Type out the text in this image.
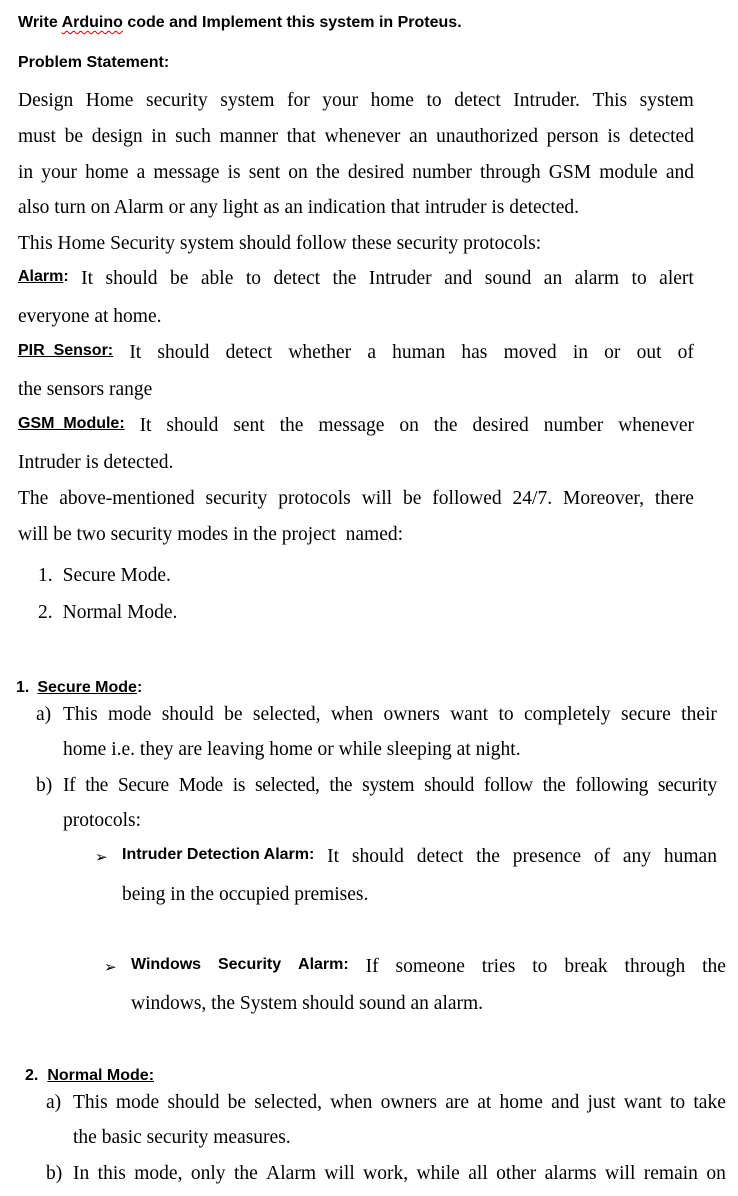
Write Arduino code and Implement this system in Proteus.
Problem Statement:
Design Home security system for your home to detect Intruder. This system
must be design in such manner that whenever an unauthorized person is detected
in your home a message is sent on the desired number through GSM module and
also turn on Alarm or any light as an indication that intruder is detected.
This Home Security system should follow these security protocols:
Alarm: It should be able to detect the Intruder and sound an alarm to alert
everyone at home.
PIR  Sensor: It should detect whether a human has moved in or out of
the sensors range
GSM  Module: It should sent the message on the desired number whenever
Intruder is detected.
The above-mentioned security protocols will be followed 24/7. Moreover, there
will be two security modes in the project  named:
1. Secure Mode.
2. Normal Mode.
1. Secure Mode:
a) This mode should be selected, when owners want to completely secure their
home i.e. they are leaving home or while sleeping at night.
b) If the Secure Mode is selected, the system should follow the following security
protocols:
➢ Intruder Detection Alarm: It should detect the presence of any human
being in the occupied premises.
➢ Windows Security Alarm: If someone tries to break through the
windows, the System should sound an alarm.
2. Normal Mode:
a) This mode should be selected, when owners are at home and just want to take
the basic security measures.
b) In this mode, only the Alarm will work, while all other alarms will remain on
